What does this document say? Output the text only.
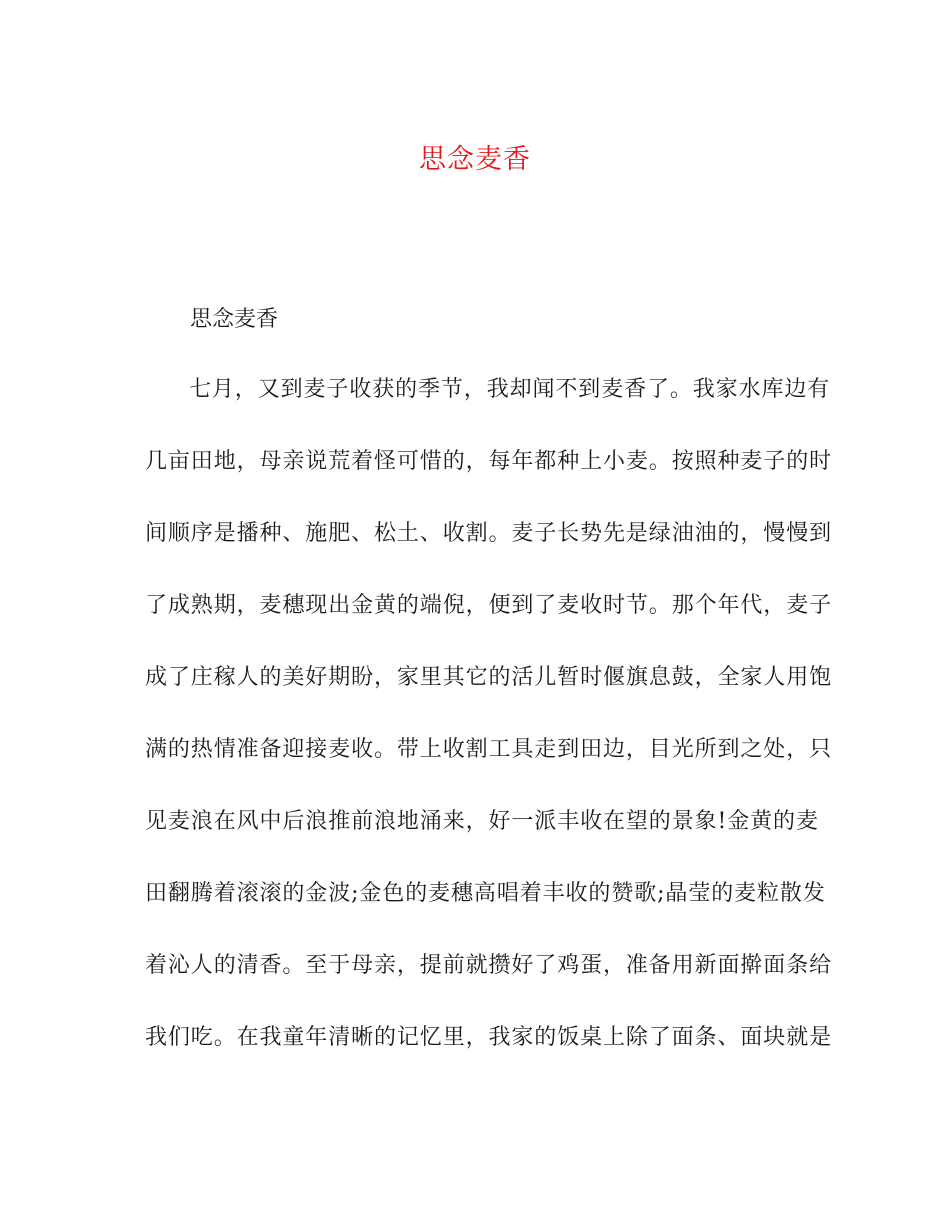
思念麦香

思念麦香

七月，又到麦子收获的季节，我却闻不到麦香了。我家水库边有
几亩田地，母亲说荒着怪可惜的，每年都种上小麦。按照种麦子的时
间顺序是播种、施肥、松土、收割。麦子长势先是绿油油的，慢慢到
了成熟期，麦穗现出金黄的端倪，便到了麦收时节。那个年代，麦子
成了庄稼人的美好期盼，家里其它的活儿暂时偃旗息鼓，全家人用饱
满的热情准备迎接麦收。带上收割工具走到田边，目光所到之处，只
见麦浪在风中后浪推前浪地涌来，好一派丰收在望的景象!金黄的麦
田翻腾着滚滚的金波;金色的麦穗高唱着丰收的赞歌;晶莹的麦粒散发
着沁人的清香。至于母亲，提前就攒好了鸡蛋，准备用新面擀面条给
我们吃。在我童年清晰的记忆里，我家的饭桌上除了面条、面块就是
